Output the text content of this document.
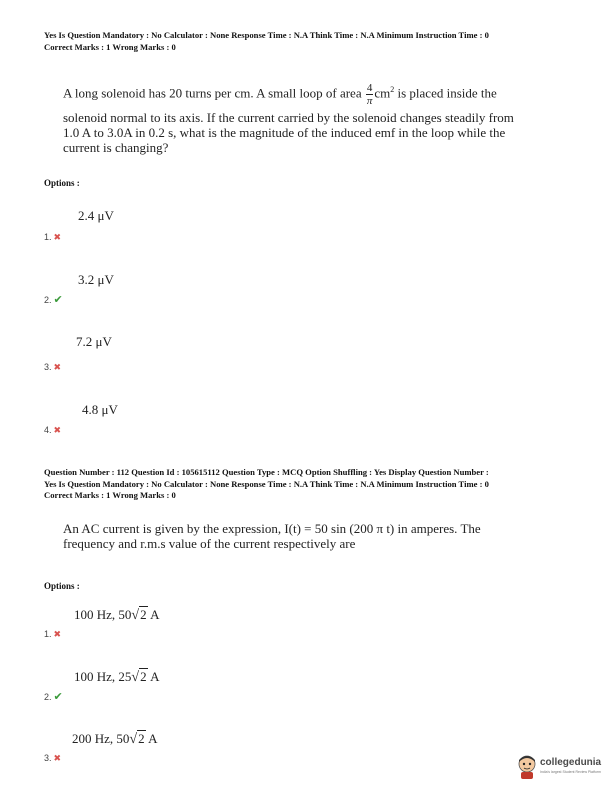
Yes Is Question Mandatory : No Calculator : None Response Time : N.A Think Time : N.A Minimum Instruction Time : 0
Correct Marks : 1 Wrong Marks : 0
A long solenoid has 20 turns per cm. A small loop of area $\frac{4}{\pi} cm^2$ is placed inside the
solenoid normal to its axis. If the current carried by the solenoid changes steadily from
1.0 A to 3.0A in 0.2 s, what is the magnitude of the induced emf in the loop while the
current is changing?
Options :
2.4 μV
1. ✖
3.2 μV
2. ✔
7.2 μV
3. ✖
4.8 μV
4. ✖
Question Number : 112 Question Id : 105615112 Question Type : MCQ Option Shuffling : Yes Display Question Number :
Yes Is Question Mandatory : No Calculator : None Response Time : N.A Think Time : N.A Minimum Instruction Time : 0
Correct Marks : 1 Wrong Marks : 0
An AC current is given by the expression, I(t) = 50 sin (200 π t) in amperes. The
frequency and r.m.s value of the current respectively are
Options :
100 Hz, 50√2 A
1. ✖
100 Hz, 25√2 A
2. ✔
200 Hz, 50√2 A
3. ✖	collegedunia
India's largest Student Review Platform
